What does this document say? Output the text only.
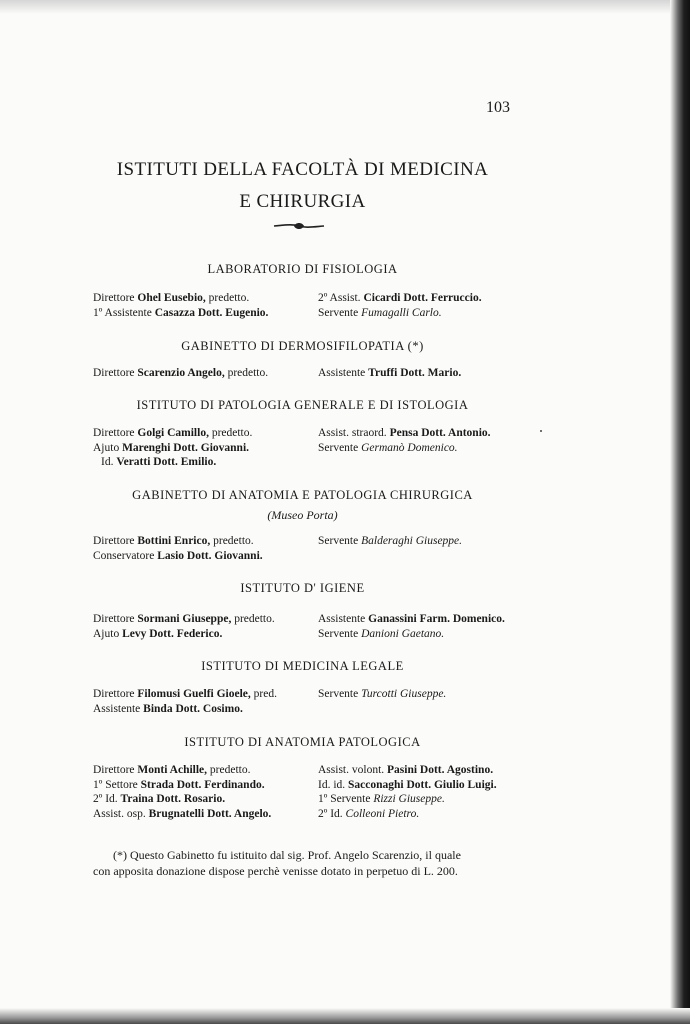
103
ISTITUTI DELLA FACOLTÀ DI MEDICINA
E CHIRURGIA
LABORATORIO DI FISIOLOGIA
Direttore Ohel Eusebio, predetto.
1º Assistente Casazza Dott. Eugenio.
2º Assist. Cicardi Dott. Ferruccio.
Servente Fumagalli Carlo.
GABINETTO DI DERMOSIFILOPATIA (*)
Direttore Scarenzio Angelo, predetto.	Assistente Truffi Dott. Mario.
ISTITUTO DI PATOLOGIA GENERALE E DI ISTOLOGIA
Direttore Golgi Camillo, predetto.
Ajuto Marenghi Dott. Giovanni.
Id. Veratti Dott. Emilio.
Assist. straord. Pensa Dott. Antonio.
Servente Germanò Domenico.
GABINETTO DI ANATOMIA E PATOLOGIA CHIRURGICA
(Museo Porta)
Direttore Bottini Enrico, predetto.
Conservatore Lasio Dott. Giovanni.
Servente Balderaghi Giuseppe.
ISTITUTO D' IGIENE
Direttore Sormani Giuseppe, predetto.
Ajuto Levy Dott. Federico.
Assistente Ganassini Farm. Domenico.
Servente Danioni Gaetano.
ISTITUTO DI MEDICINA LEGALE
Direttore Filomusi Guelfi Gioele, pred.
Assistente Binda Dott. Cosimo.
Servente Turcotti Giuseppe.
ISTITUTO DI ANATOMIA PATOLOGICA
Direttore Monti Achille, predetto.
1º Settore Strada Dott. Ferdinando.
2º Id. Traina Dott. Rosario.
Assist. osp. Brugnatelli Dott. Angelo.
Assist. volont. Pasini Dott. Agostino.
Id. id. Sacconaghi Dott. Giulio Luigi.
1º Servente Rizzi Giuseppe.
2º Id. Colleoni Pietro.
(*) Questo Gabinetto fu istituito dal sig. Prof. Angelo Scarenzio, il quale
con apposita donazione dispose perchè venisse dotato in perpetuo di L. 200.
